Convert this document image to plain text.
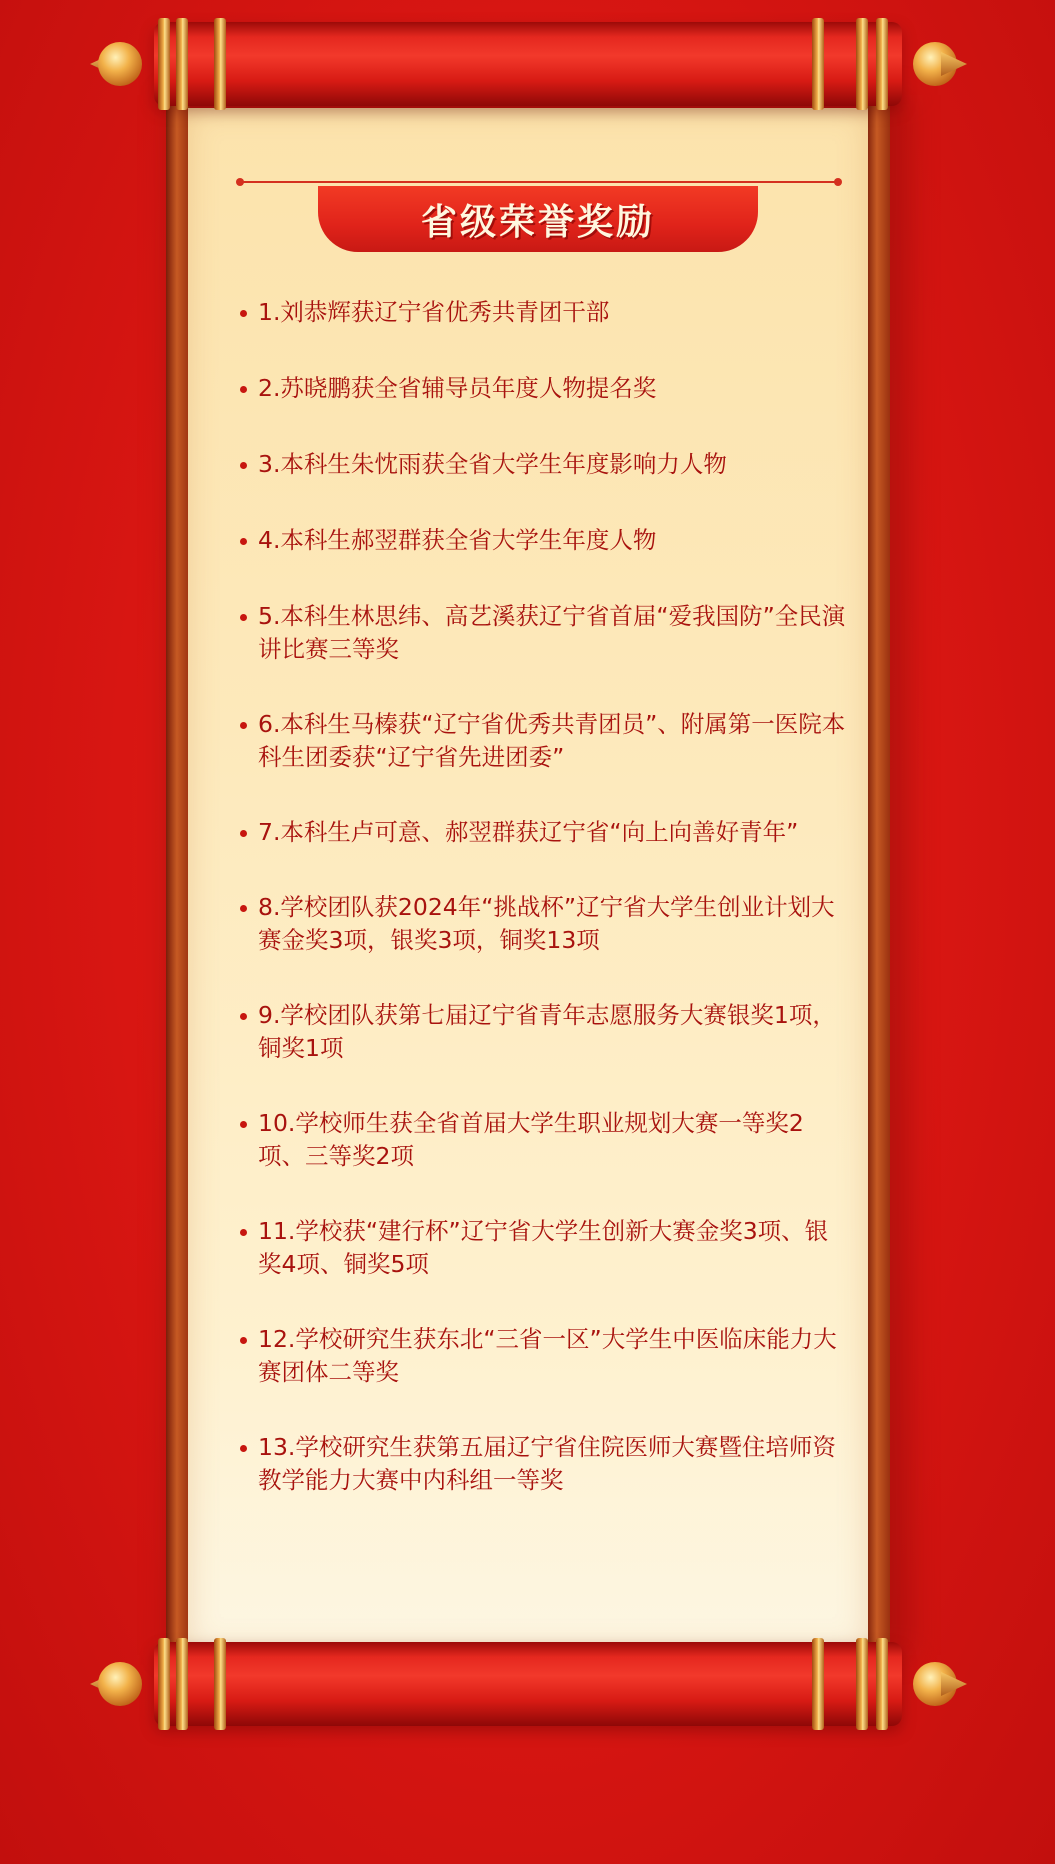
省级荣誉奖励
1.刘恭辉获辽宁省优秀共青团干部
2.苏晓鹏获全省辅导员年度人物提名奖
3.本科生朱忱雨获全省大学生年度影响力人物
4.本科生郝翌群获全省大学生年度人物
5.本科生林思纬、高艺溪获辽宁省首届“爱我国防”全民演讲比赛三等奖
6.本科生马榛获“辽宁省优秀共青团员”、附属第一医院本科生团委获“辽宁省先进团委”
7.本科生卢可意、郝翌群获辽宁省“向上向善好青年”
8.学校团队获2024年“挑战杯”辽宁省大学生创业计划大赛金奖3项，银奖3项，铜奖13项
9.学校团队获第七届辽宁省青年志愿服务大赛银奖1项，铜奖1项
10.学校师生获全省首届大学生职业规划大赛一等奖2项、三等奖2项
11.学校获“建行杯”辽宁省大学生创新大赛金奖3项、银奖4项、铜奖5项
12.学校研究生获东北“三省一区”大学生中医临床能力大赛团体二等奖
13.学校研究生获第五届辽宁省住院医师大赛暨住培师资教学能力大赛中内科组一等奖
